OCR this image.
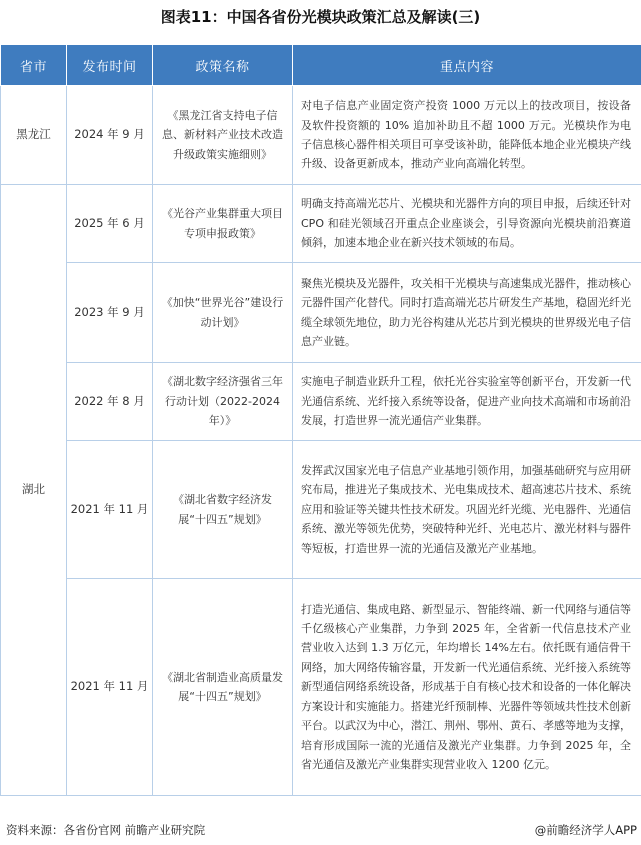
图表11：中国各省份光模块政策汇总及解读(三)
省市	发布时间	政策名称	重点内容
黑龙江	2024 年 9 月	《黑龙江省支持电子信息、新材料产业技术改造升级政策实施细则》	对电子信息产业固定资产投资 1000 万元以上的技改项目，按设备及软件投资额的 10% 追加补助且不超 1000 万元。光模块作为电子信息核心器件相关项目可享受该补助，能降低本地企业光模块产线升级、设备更新成本，推动产业向高端化转型。
湖北	2025 年 6 月	《光谷产业集群重大项目专项申报政策》	明确支持高端光芯片、光模块和光器件方向的项目申报，后续还针对 CPO 和硅光领域召开重点企业座谈会，引导资源向光模块前沿赛道倾斜，加速本地企业在新兴技术领域的布局。
	2023 年 9 月	《加快“世界光谷”建设行动计划》	聚焦光模块及光器件，攻关相干光模块与高速集成光器件，推动核心元器件国产化替代。同时打造高端光芯片研发生产基地，稳固光纤光缆全球领先地位，助力光谷构建从光芯片到光模块的世界级光电子信息产业链。
	2022 年 8 月	《湖北数字经济强省三年行动计划（2022-2024年）》	实施电子制造业跃升工程，依托光谷实验室等创新平台，开发新一代光通信系统、光纤接入系统等设备，促进产业向技术高端和市场前沿发展，打造世界一流光通信产业集群。
	2021 年 11 月	《湖北省数字经济发展“十四五”规划》	发挥武汉国家光电子信息产业基地引领作用，加强基础研究与应用研究布局，推进光子集成技术、光电集成技术、超高速芯片技术、系统应用和验证等关键共性技术研发。巩固光纤光缆、光电器件、光通信系统、激光等领先优势，突破特种光纤、光电芯片、激光材料与器件等短板，打造世界一流的光通信及激光产业基地。
	2021 年 11 月	《湖北省制造业高质量发展“十四五”规划》	打造光通信、集成电路、新型显示、智能终端、新一代网络与通信等千亿级核心产业集群，力争到 2025 年，全省新一代信息技术产业营业收入达到 1.3 万亿元，年均增长 14%左右。依托既有通信骨干网络，加大网络传输容量，开发新一代光通信系统、光纤接入系统等新型通信网络系统设备，形成基于自有核心技术和设备的一体化解决方案设计和实施能力。搭建光纤预制棒、光器件等领域共性技术创新平台。以武汉为中心，潜江、荆州、鄂州、黄石、孝感等地为支撑，培育形成国际一流的光通信及激光产业集群。力争到 2025 年，全省光通信及激光产业集群实现营业收入 1200 亿元。
资料来源：各省份官网 前瞻产业研究院	@前瞻经济学人APP
